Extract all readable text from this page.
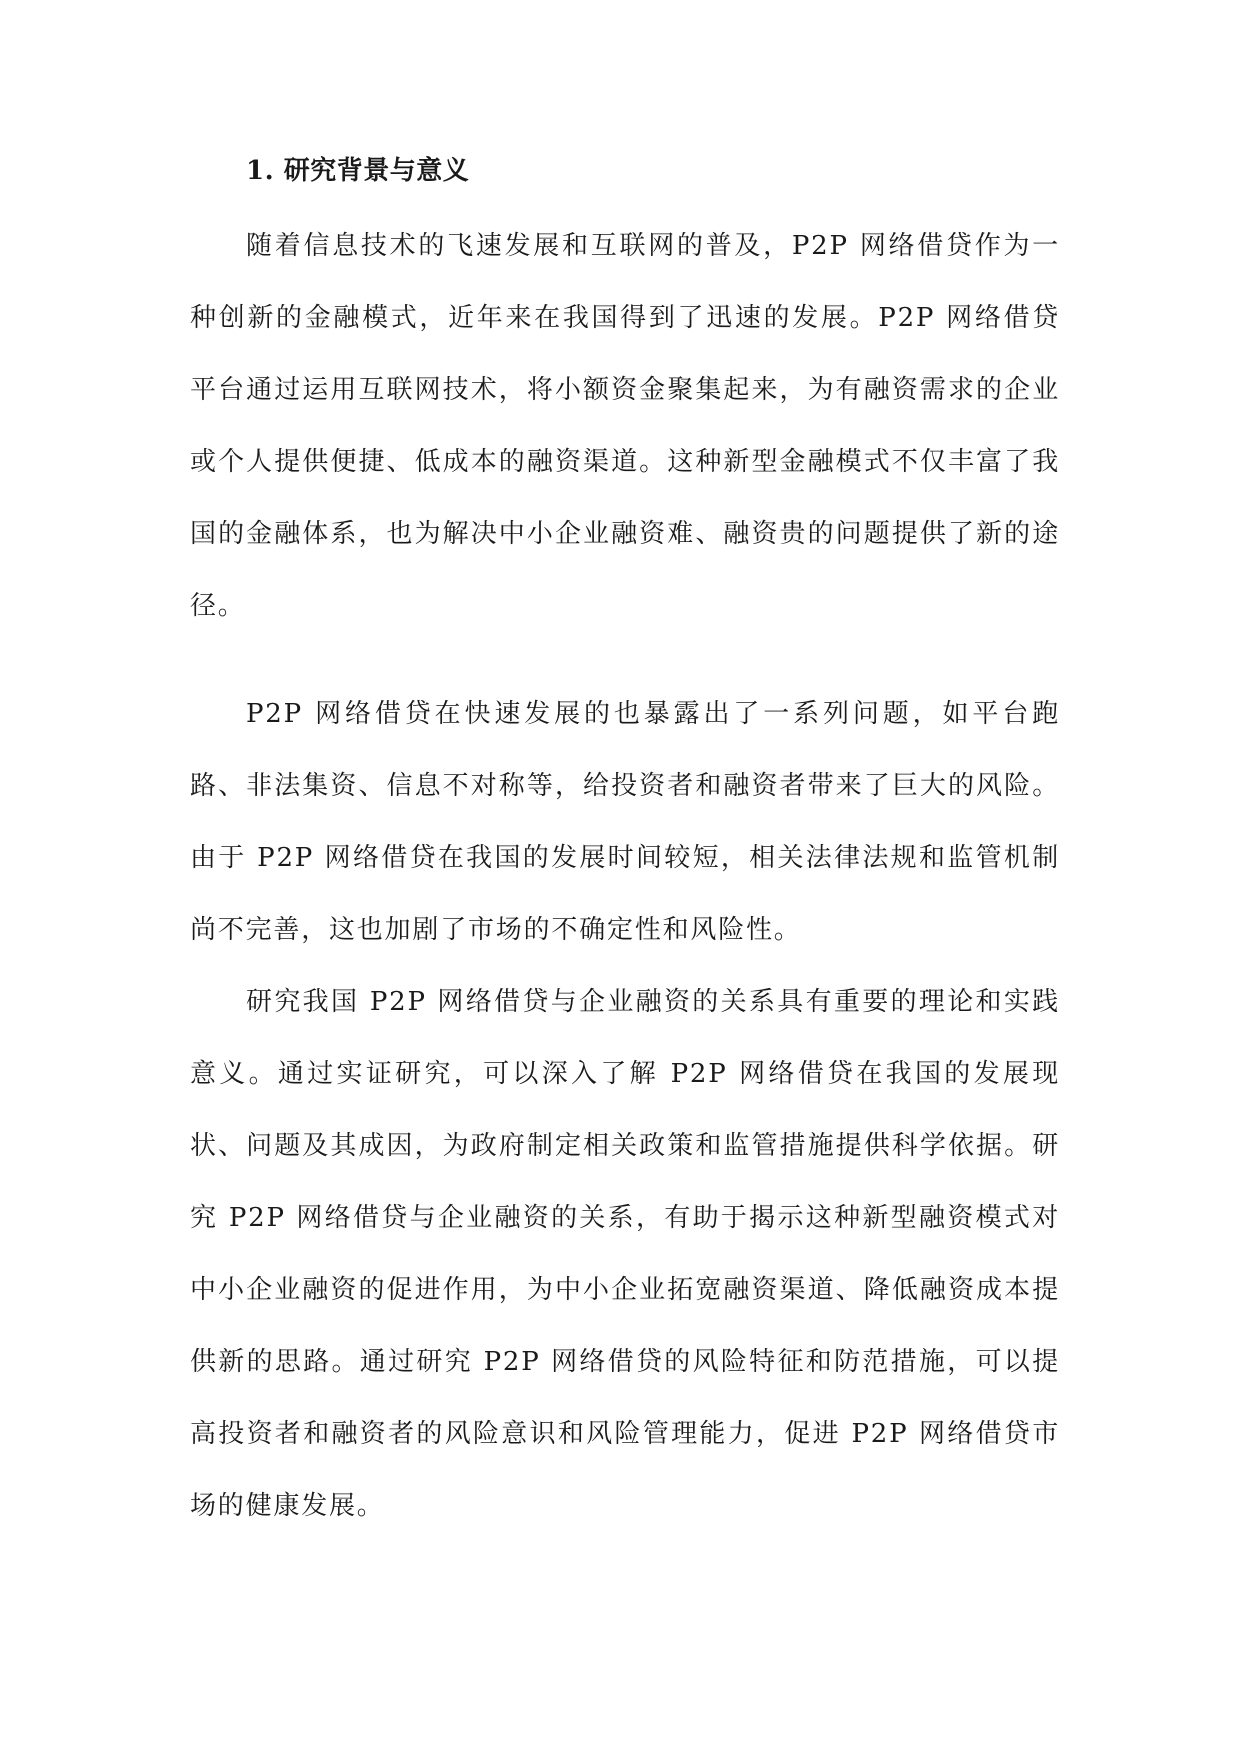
1. 研究背景与意义

随着信息技术的飞速发展和互联网的普及，P2P 网络借贷作为一种创新的金融模式，近年来在我国得到了迅速的发展。P2P 网络借贷平台通过运用互联网技术，将小额资金聚集起来，为有融资需求的企业或个人提供便捷、低成本的融资渠道。这种新型金融模式不仅丰富了我国的金融体系，也为解决中小企业融资难、融资贵的问题提供了新的途径。

P2P 网络借贷在快速发展的也暴露出了一系列问题，如平台跑路、非法集资、信息不对称等，给投资者和融资者带来了巨大的风险。由于 P2P 网络借贷在我国的发展时间较短，相关法律法规和监管机制尚不完善，这也加剧了市场的不确定性和风险性。

研究我国 P2P 网络借贷与企业融资的关系具有重要的理论和实践意义。通过实证研究，可以深入了解 P2P 网络借贷在我国的发展现状、问题及其成因，为政府制定相关政策和监管措施提供科学依据。研究 P2P 网络借贷与企业融资的关系，有助于揭示这种新型融资模式对中小企业融资的促进作用，为中小企业拓宽融资渠道、降低融资成本提供新的思路。通过研究 P2P 网络借贷的风险特征和防范措施，可以提高投资者和融资者的风险意识和风险管理能力，促进 P2P 网络借贷市场的健康发展。
